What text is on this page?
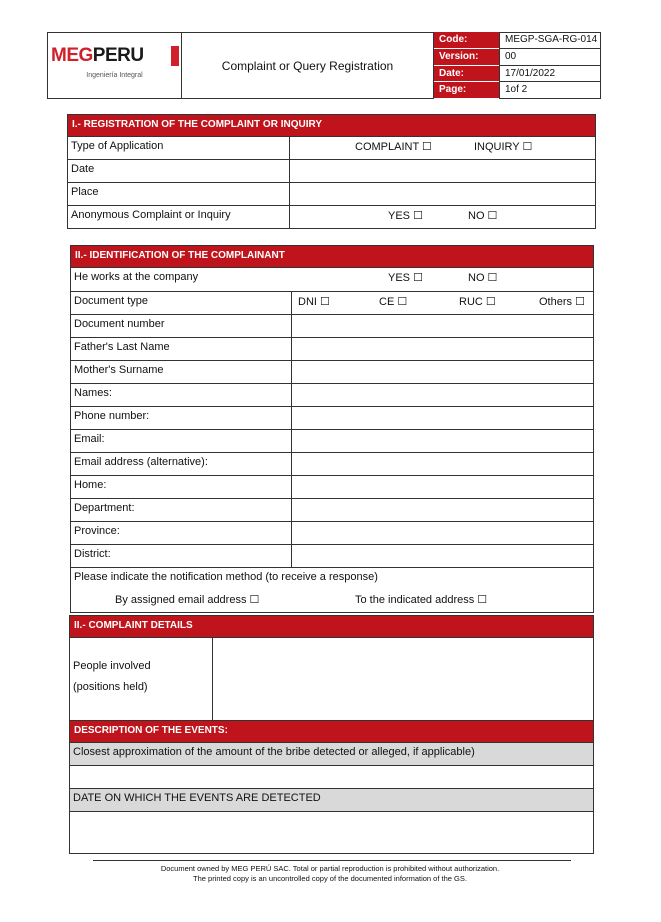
MEGPERU
Ingeniería Integral
Complaint or Query Registration
Code:	MEGP-SGA-RG-014
Version:	00
Date:	17/01/2022
Page:	1of 2
I.- REGISTRATION OF THE COMPLAINT OR INQUIRY
Type of Application	COMPLAINT ☐	INQUIRY ☐
Date
Place
Anonymous Complaint or Inquiry	YES ☐	NO ☐
II.- IDENTIFICATION OF THE COMPLAINANT
He works at the company	YES ☐	NO ☐
Document type	DNI ☐	CE ☐	RUC ☐	Others ☐
Document number
Father's Last Name
Mother's Surname
Names:
Phone number:
Email:
Email address (alternative):
Home:
Department:
Province:
District:
Please indicate the notification method (to receive a response)
By assigned email address ☐	To the indicated address ☐
II.- COMPLAINT DETAILS
People involved
(positions held)
DESCRIPTION OF THE EVENTS:
Closest approximation of the amount of the bribe detected or alleged, if applicable)
DATE ON WHICH THE EVENTS ARE DETECTED
Document owned by MEG PERÚ SAC. Total or partial reproduction is prohibited without authorization.
The printed copy is an uncontrolled copy of the documented information of the GS.
